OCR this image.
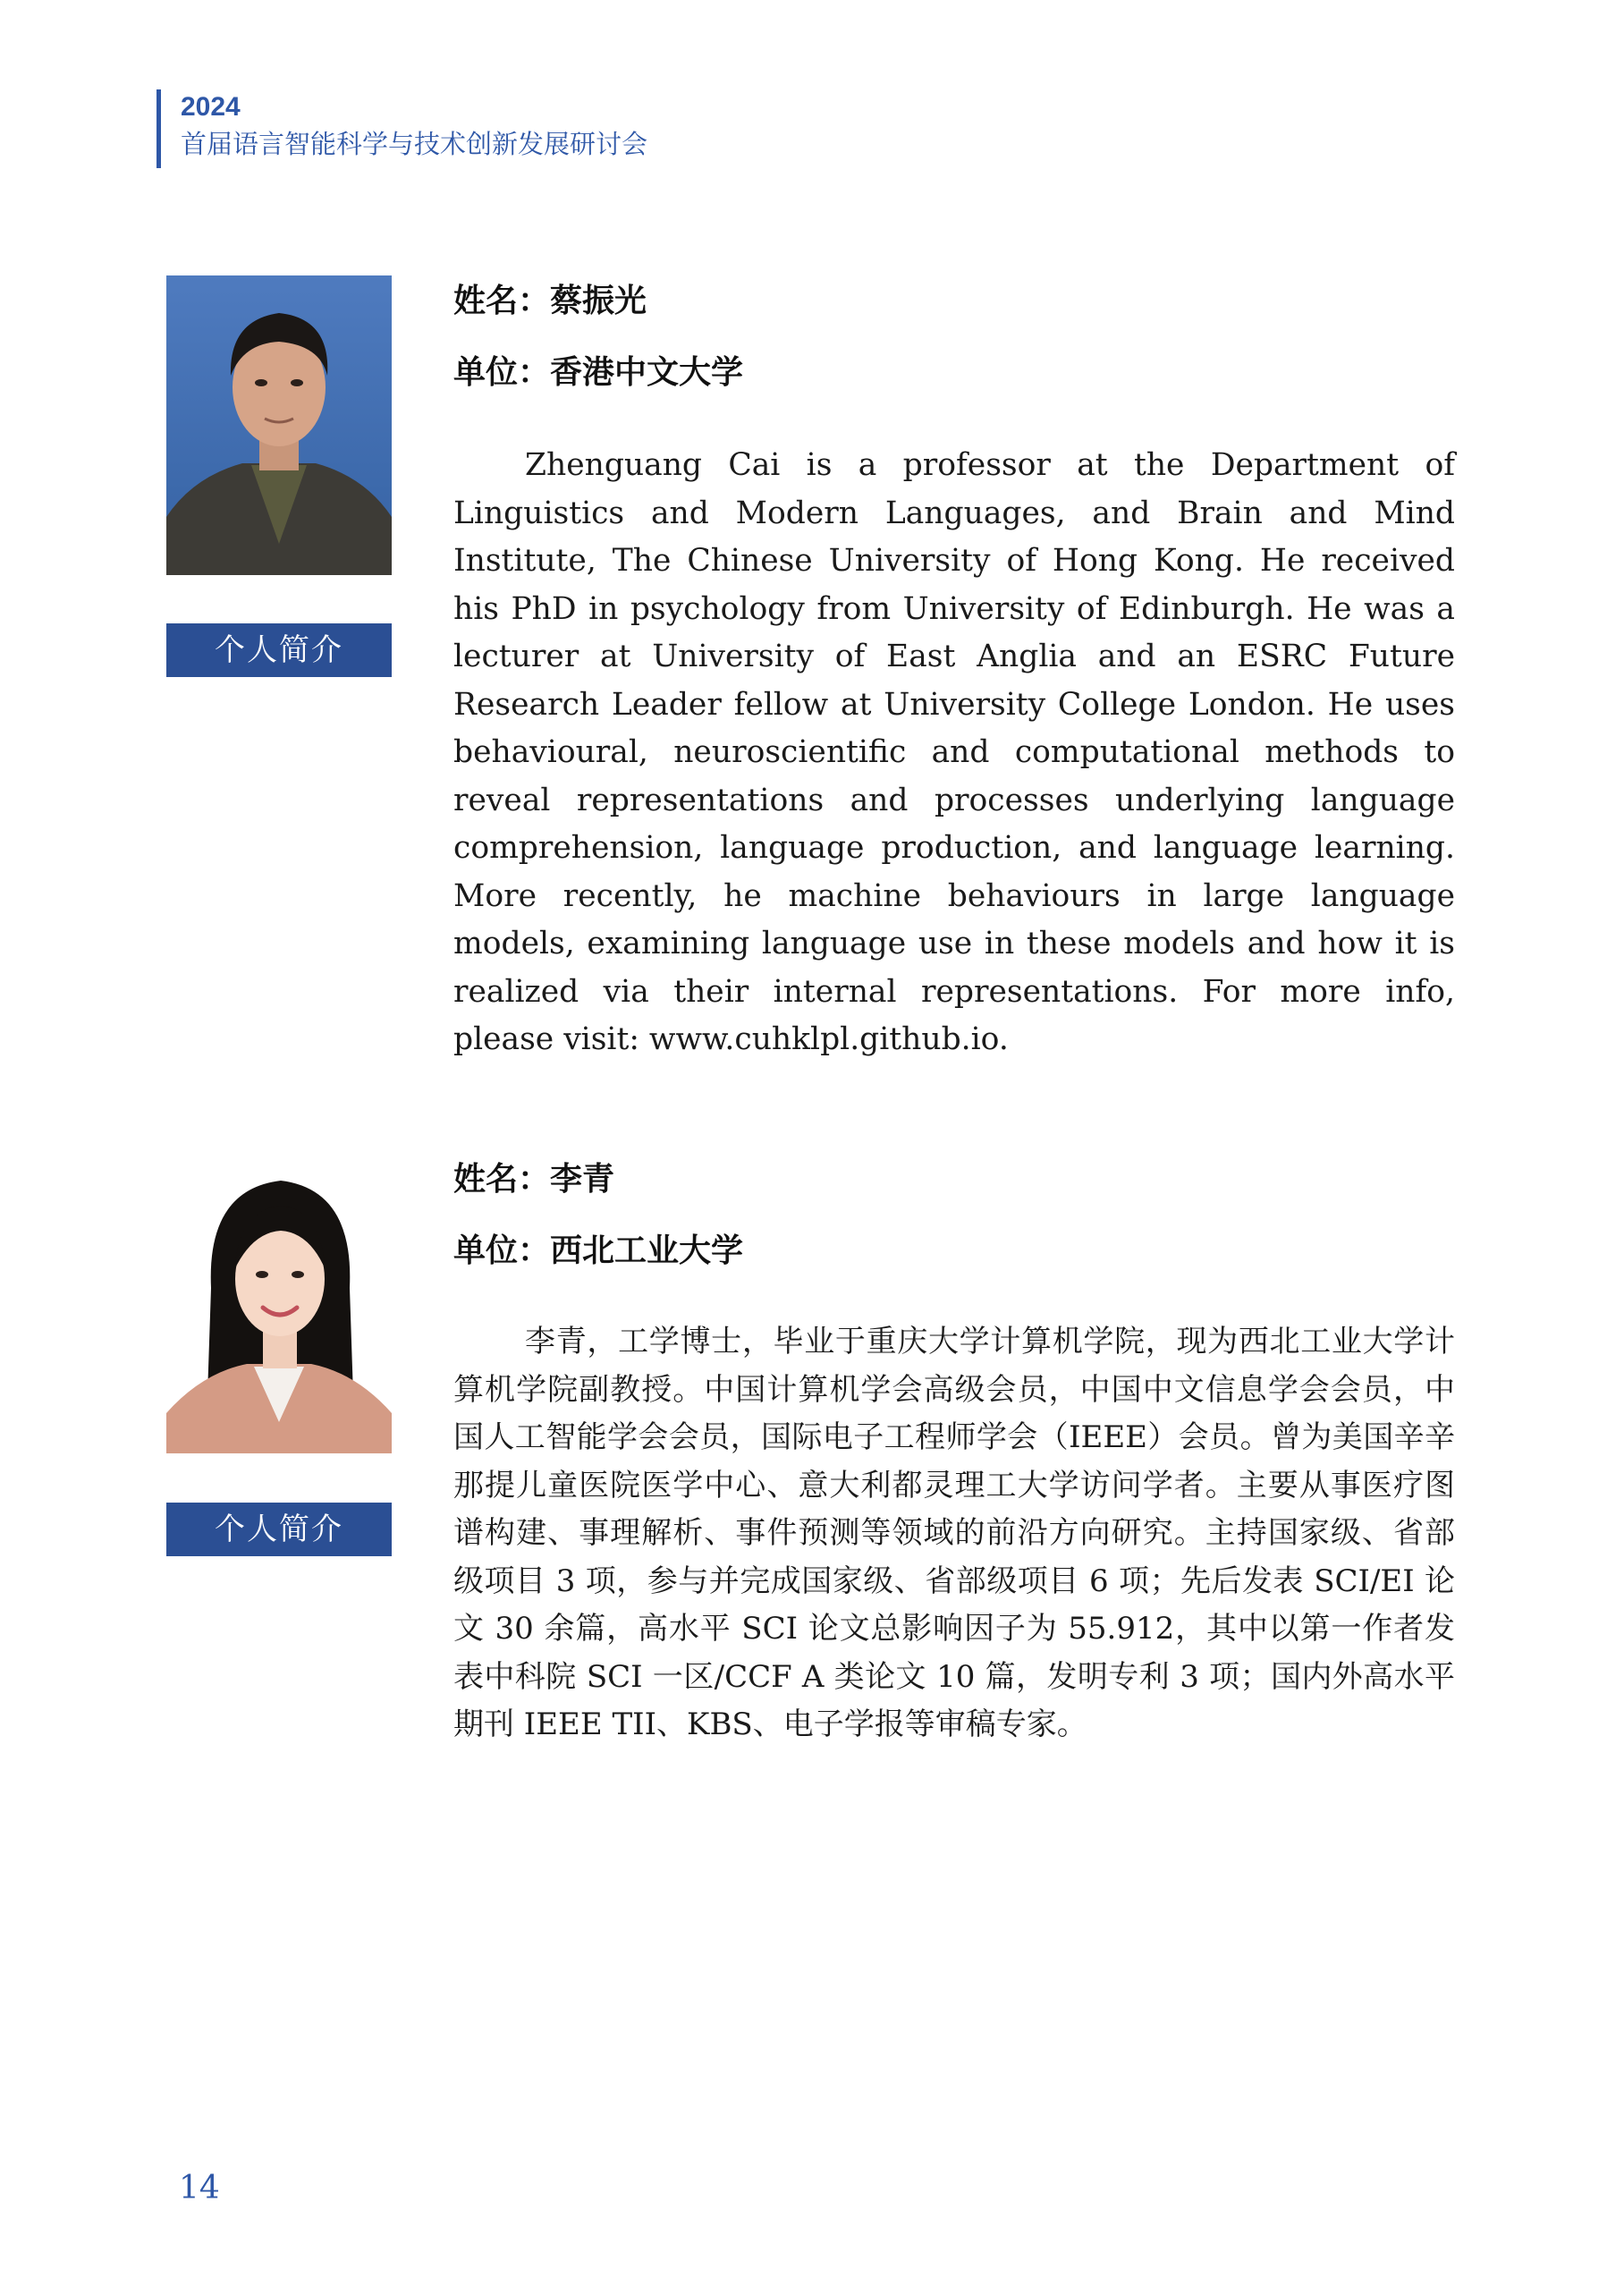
2024
首届语言智能科学与技术创新发展研讨会
姓名：蔡振光
单位：香港中文大学
个人简介
Zhenguang Cai is a professor at the Department of Linguistics and Modern Languages, and Brain and Mind Institute, The Chinese University of Hong Kong. He received his PhD in psychology from University of Edinburgh. He was a lecturer at University of East Anglia and an ESRC Future Research Leader fellow at University College London. He uses behavioural, neuroscientific and computational methods to reveal representations and processes underlying language comprehension, language production, and language learning. More recently, he machine behaviours in large language models, examining language use in these models and how it is realized via their internal representations. For more info, please visit: www.cuhklpl.github.io.
姓名：李青
单位：西北工业大学
个人简介
李青，工学博士，毕业于重庆大学计算机学院，现为西北工业大学计算机学院副教授。中国计算机学会高级会员，中国中文信息学会会员，中国人工智能学会会员，国际电子工程师学会（IEEE）会员。曾为美国辛辛那提儿童医院医学中心、意大利都灵理工大学访问学者。主要从事医疗图谱构建、事理解析、事件预测等领域的前沿方向研究。主持国家级、省部级项目 3 项，参与并完成国家级、省部级项目 6 项；先后发表 SCI/EI 论文 30 余篇，高水平 SCI 论文总影响因子为 55.912，其中以第一作者发表中科院 SCI 一区/CCF A 类论文 10 篇，发明专利 3 项；国内外高水平期刊 IEEE TII、KBS、电子学报等审稿专家。
14
